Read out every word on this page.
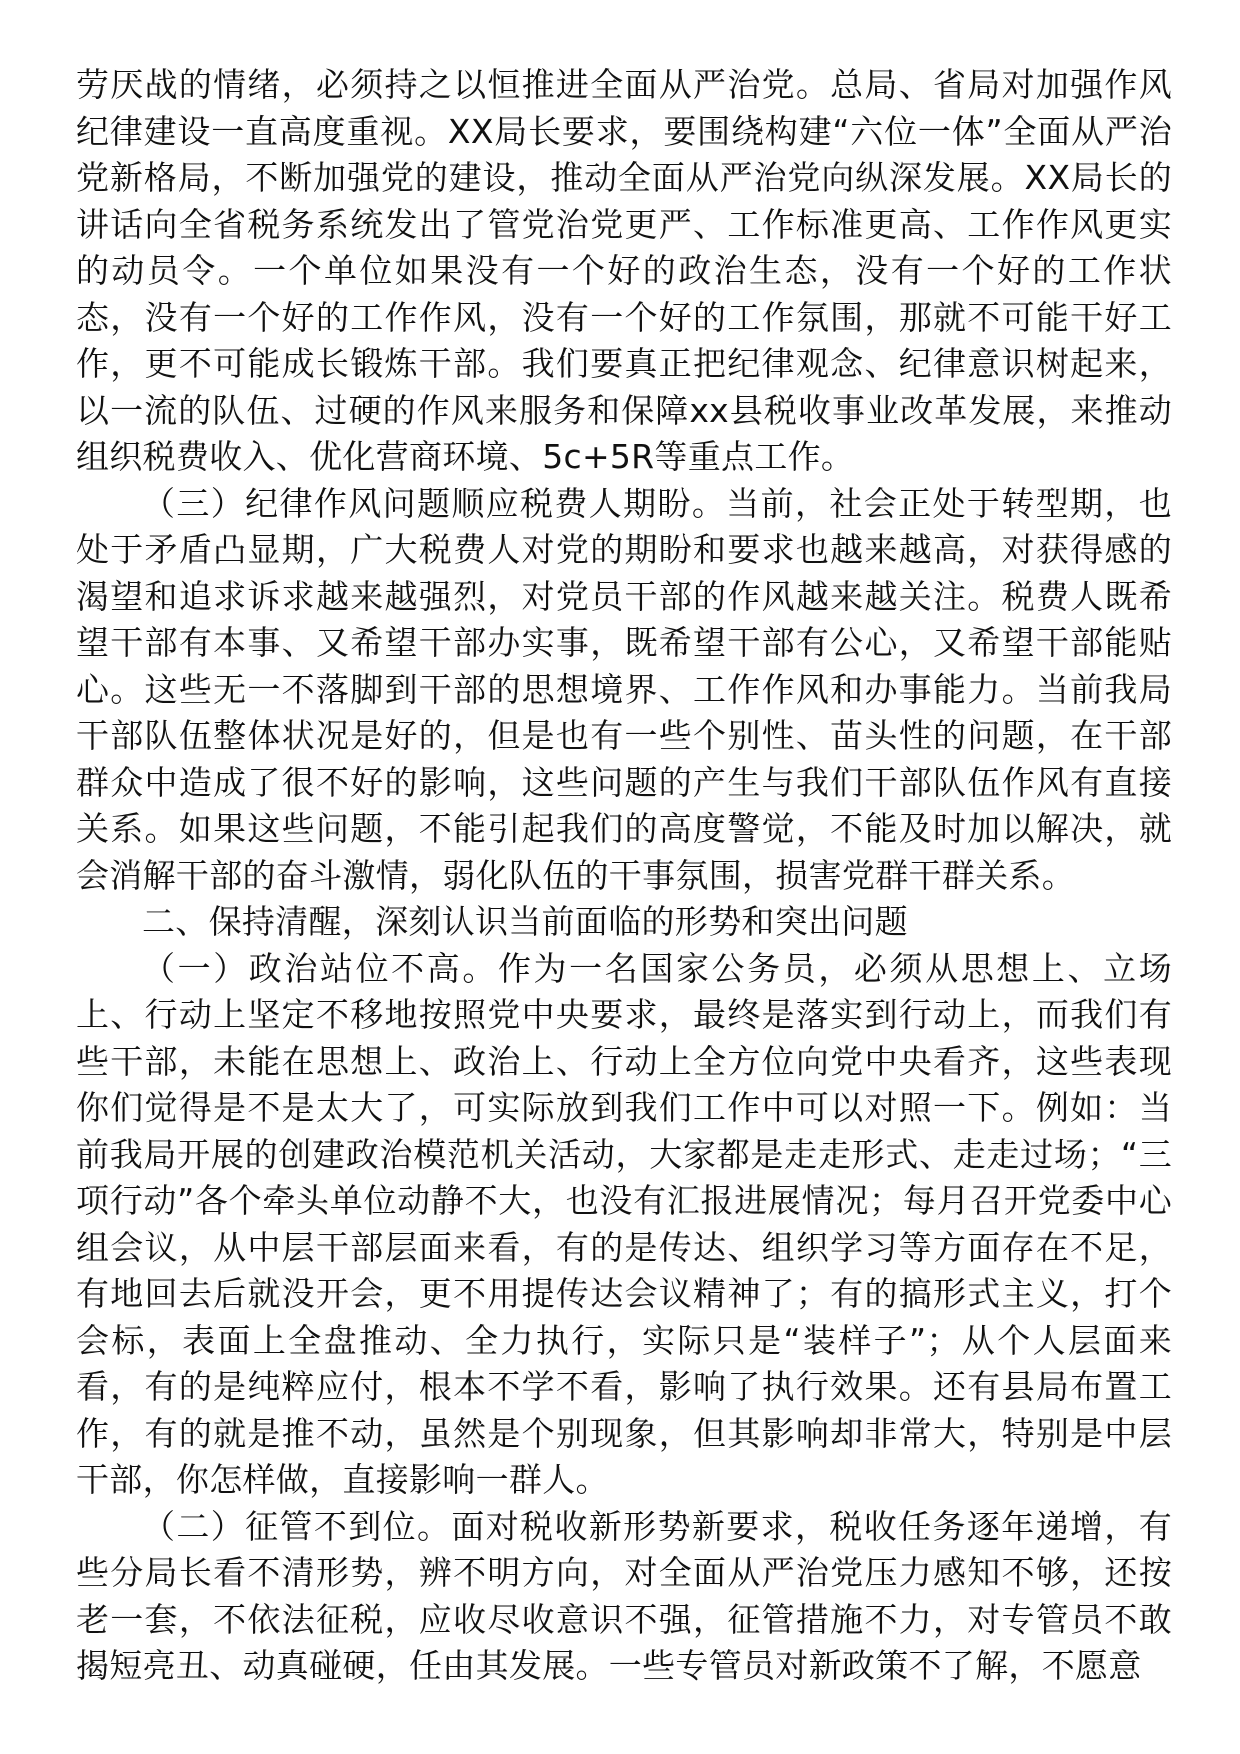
劳厌战的情绪，必须持之以恒推进全面从严治党。总局、省局对加强作风纪律建设一直高度重视。XX局长要求，要围绕构建“六位一体”全面从严治党新格局，不断加强党的建设，推动全面从严治党向纵深发展。XX局长的讲话向全省税务系统发出了管党治党更严、工作标准更高、工作作风更实的动员令。一个单位如果没有一个好的政治生态，没有一个好的工作状态，没有一个好的工作作风，没有一个好的工作氛围，那就不可能干好工作，更不可能成长锻炼干部。我们要真正把纪律观念、纪律意识树起来，以一流的队伍、过硬的作风来服务和保障xx县税收事业改革发展，来推动组织税费收入、优化营商环境、5c+5R等重点工作。

（三）纪律作风问题顺应税费人期盼。当前，社会正处于转型期，也处于矛盾凸显期，广大税费人对党的期盼和要求也越来越高，对获得感的渴望和追求诉求越来越强烈，对党员干部的作风越来越关注。税费人既希望干部有本事、又希望干部办实事，既希望干部有公心，又希望干部能贴心。这些无一不落脚到干部的思想境界、工作作风和办事能力。当前我局干部队伍整体状况是好的，但是也有一些个别性、苗头性的问题，在干部群众中造成了很不好的影响，这些问题的产生与我们干部队伍作风有直接关系。如果这些问题，不能引起我们的高度警觉，不能及时加以解决，就会消解干部的奋斗激情，弱化队伍的干事氛围，损害党群干群关系。

二、保持清醒，深刻认识当前面临的形势和突出问题

（一）政治站位不高。作为一名国家公务员，必须从思想上、立场上、行动上坚定不移地按照党中央要求，最终是落实到行动上，而我们有些干部，未能在思想上、政治上、行动上全方位向党中央看齐，这些表现你们觉得是不是太大了，可实际放到我们工作中可以对照一下。例如：当前我局开展的创建政治模范机关活动，大家都是走走形式、走走过场；“三项行动”各个牵头单位动静不大，也没有汇报进展情况；每月召开党委中心组会议，从中层干部层面来看，有的是传达、组织学习等方面存在不足，有地回去后就没开会，更不用提传达会议精神了；有的搞形式主义，打个会标，表面上全盘推动、全力执行，实际只是“装样子”；从个人层面来看，有的是纯粹应付，根本不学不看，影响了执行效果。还有县局布置工作，有的就是推不动，虽然是个别现象，但其影响却非常大，特别是中层干部，你怎样做，直接影响一群人。

（二）征管不到位。面对税收新形势新要求，税收任务逐年递增，有些分局长看不清形势，辨不明方向，对全面从严治党压力感知不够，还按老一套，不依法征税，应收尽收意识不强，征管措施不力，对专管员不敢揭短亮丑、动真碰硬，任由其发展。一些专管员对新政策不了解，不愿意
